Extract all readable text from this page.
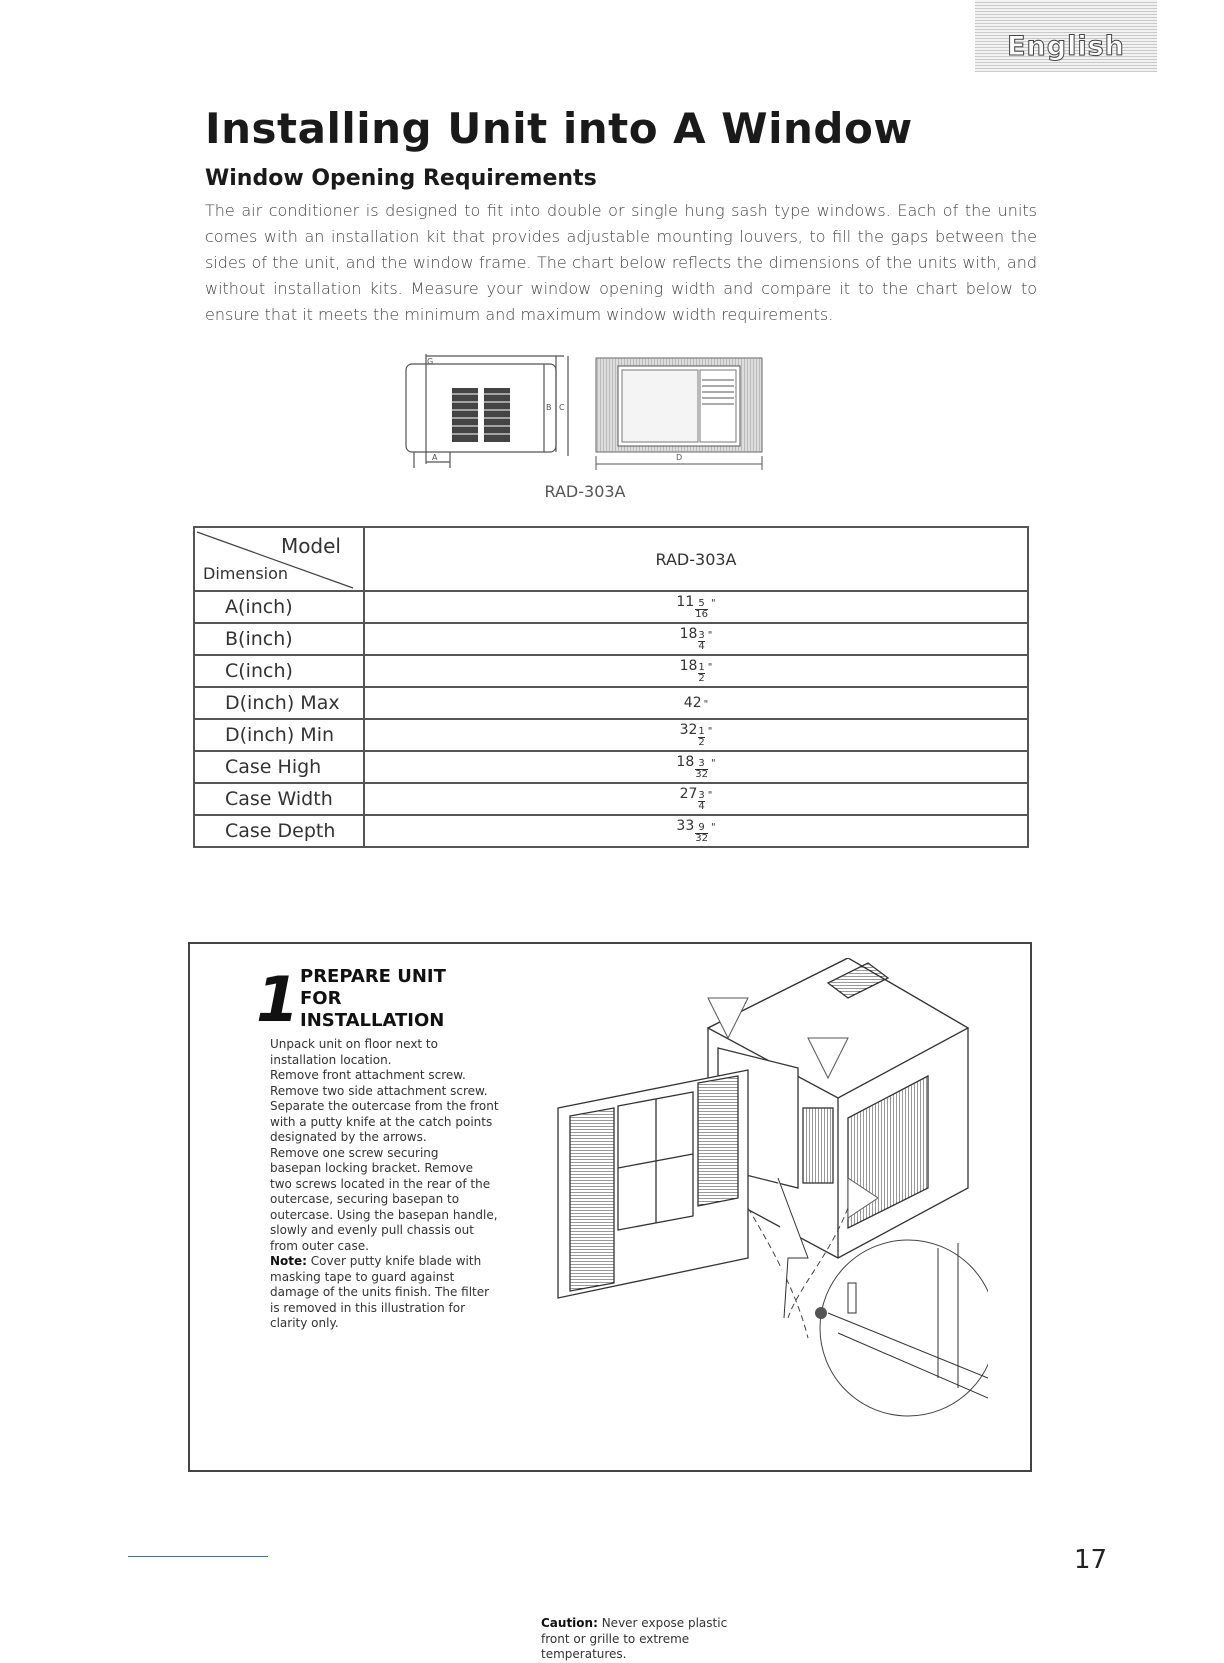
English
Installing Unit into A Window
Window Opening Requirements

The air conditioner is designed to fit into double or single hung sash type windows. Each of the units comes with an installation kit that provides adjustable mounting louvers, to fill the gaps between the sides of the unit, and the window frame. The chart below reflects the dimensions of the units with, and without installation kits. Measure your window opening width and compare it to the chart below to ensure that it meets the minimum and maximum window width requirements.

G
B C
A	D
RAD-303A
Model
Dimension	RAD-303A
A(inch)	$11 \frac{5}{16}$ "

B(inch)	$18 \frac{3}{4}$ "

C(inch)	$18 \frac{1}{2}$ "

D(inch) Max	42 "

D(inch) Min	$32 \frac{1}{2}$ "

Case High	$18 \frac{3}{32}$ "

Case Width	$27 \frac{3}{4}$ "

Case Depth	$33 \frac{9}{32}$ "
1 PREPARE UNIT
FOR
INSTALLATION

Unpack unit on floor next to
installation location.
Remove front attachment screw.
Remove two side attachment screw.
Separate the outercase from the front
with a putty knife at the catch points
designated by the arrows.
Remove one screw securing
basepan locking bracket. Remove
two screws located in the rear of the
outercase, securing basepan to
outercase. Using the basepan handle,
slowly and evenly pull chassis out
from outer case.
Note: Cover putty knife blade with
masking tape to guard against
damage of the units finish. The filter
is removed in this illustration for
clarity only.

Caution: Never expose plastic
front or grille to extreme
temperatures.
17
